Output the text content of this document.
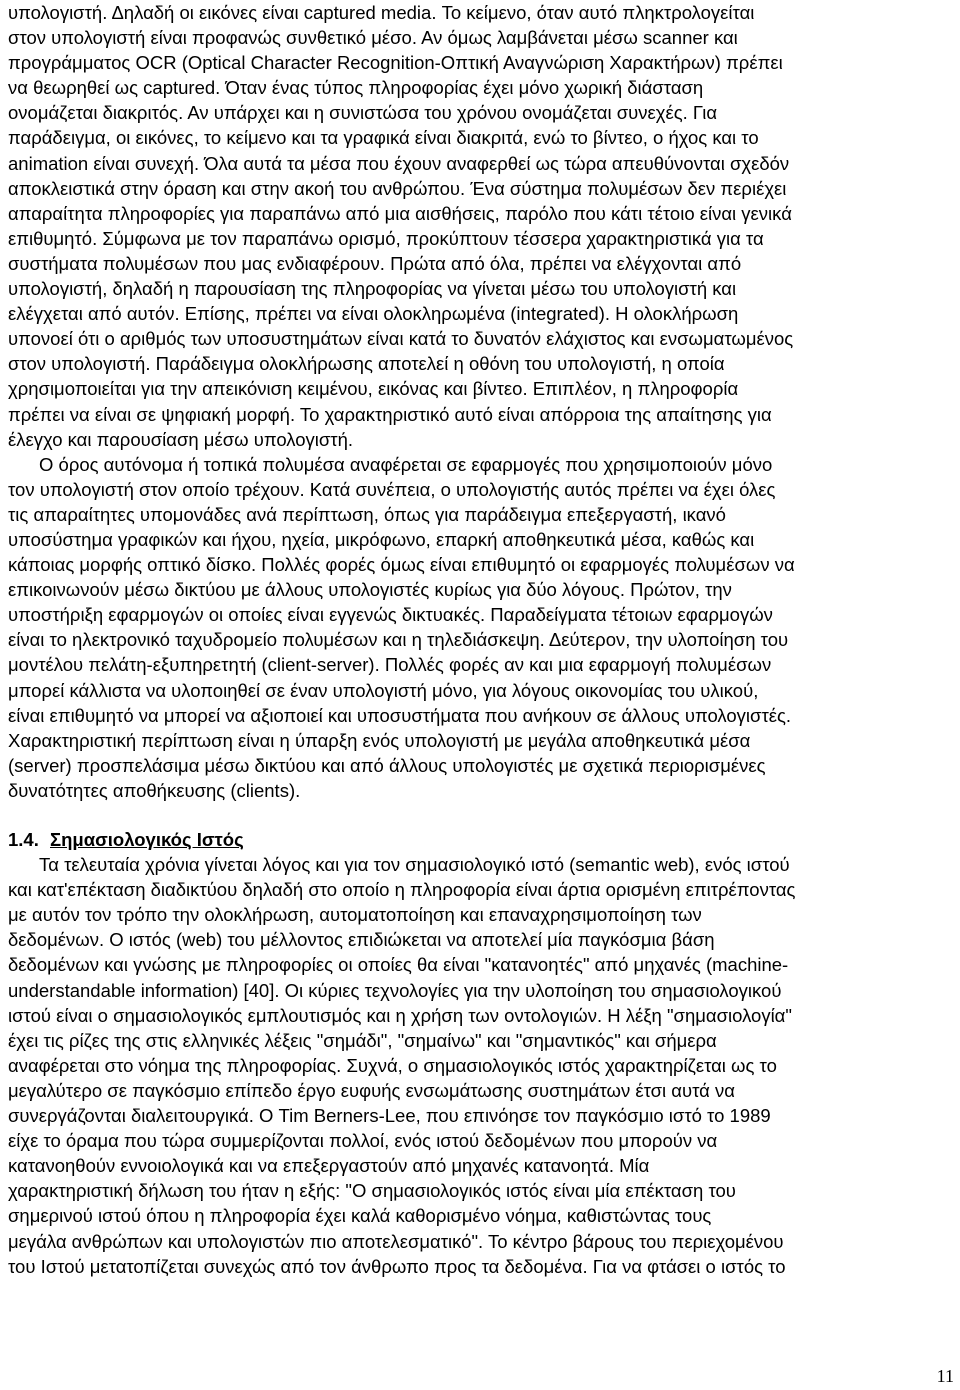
υπολογιστή. Δηλαδή οι εικόνες είναι captured media. Το κείμενο, όταν αυτό πληκτρολογείται
στον υπολογιστή είναι προφανώς συνθετικό μέσο. Αν όμως λαμβάνεται μέσω scanner και
προγράμματος OCR (Optical Character Recognition-Οπτική Αναγνώριση Χαρακτήρων) πρέπει
να θεωρηθεί ως captured. Όταν ένας τύπος πληροφορίας έχει μόνο χωρική διάσταση
ονομάζεται διακριτός. Αν υπάρχει και η συνιστώσα του χρόνου ονομάζεται συνεχές. Για
παράδειγμα, οι εικόνες, το κείμενο και τα γραφικά είναι διακριτά, ενώ το βίντεο, ο ήχος και το
animation είναι συνεχή. Όλα αυτά τα μέσα που έχουν αναφερθεί ως τώρα απευθύνονται σχεδόν
αποκλειστικά στην όραση και στην ακοή του ανθρώπου. Ένα σύστημα πολυμέσων δεν περιέχει
απαραίτητα πληροφορίες για παραπάνω από μια αισθήσεις, παρόλο που κάτι τέτοιο είναι γενικά
επιθυμητό. Σύμφωνα με τον παραπάνω ορισμό, προκύπτουν τέσσερα χαρακτηριστικά για τα
συστήματα πολυμέσων που μας ενδιαφέρουν. Πρώτα από όλα, πρέπει να ελέγχονται από
υπολογιστή, δηλαδή η παρουσίαση της πληροφορίας να γίνεται μέσω του υπολογιστή και
ελέγχεται από αυτόν. Επίσης, πρέπει να είναι ολοκληρωμένα (integrated). Η ολοκλήρωση
υπονοεί ότι ο αριθμός των υποσυστημάτων είναι κατά το δυνατόν ελάχιστος και ενσωματωμένος
στον υπολογιστή. Παράδειγμα ολοκλήρωσης αποτελεί η οθόνη του υπολογιστή, η οποία
χρησιμοποιείται για την απεικόνιση κειμένου, εικόνας και βίντεο. Επιπλέον, η πληροφορία
πρέπει να είναι σε ψηφιακή μορφή. Το χαρακτηριστικό αυτό είναι απόρροια της απαίτησης για
έλεγχο και παρουσίαση μέσω υπολογιστή.
Ο όρος αυτόνομα ή τοπικά πολυμέσα αναφέρεται σε εφαρμογές που χρησιμοποιούν μόνο
τον υπολογιστή στον οποίο τρέχουν. Κατά συνέπεια, ο υπολογιστής αυτός πρέπει να έχει όλες
τις απαραίτητες υπομονάδες ανά περίπτωση, όπως για παράδειγμα επεξεργαστή, ικανό
υποσύστημα γραφικών και ήχου, ηχεία, μικρόφωνο, επαρκή αποθηκευτικά μέσα, καθώς και
κάποιας μορφής οπτικό δίσκο. Πολλές φορές όμως είναι επιθυμητό οι εφαρμογές πολυμέσων να
επικοινωνούν μέσω δικτύου με άλλους υπολογιστές κυρίως για δύο λόγους. Πρώτον, την
υποστήριξη εφαρμογών οι οποίες είναι εγγενώς δικτυακές. Παραδείγματα τέτοιων εφαρμογών
είναι το ηλεκτρονικό ταχυδρομείο πολυμέσων και η τηλεδιάσκεψη. Δεύτερον, την υλοποίηση του
μοντέλου πελάτη-εξυπηρετητή (client-server). Πολλές φορές αν και μια εφαρμογή πολυμέσων
μπορεί κάλλιστα να υλοποιηθεί σε έναν υπολογιστή μόνο, για λόγους οικονομίας του υλικού,
είναι επιθυμητό να μπορεί να αξιοποιεί και υποσυστήματα που ανήκουν σε άλλους υπολογιστές.
Χαρακτηριστική περίπτωση είναι η ύπαρξη ενός υπολογιστή με μεγάλα αποθηκευτικά μέσα
(server) προσπελάσιμα μέσω δικτύου και από άλλους υπολογιστές με σχετικά περιορισμένες
δυνατότητες αποθήκευσης (clients).
1.4. Σημασιολογικός Ιστός
Τα τελευταία χρόνια γίνεται λόγος και για τον σημασιολογικό ιστό (semantic web), ενός ιστού
και κατ'επέκταση διαδικτύου δηλαδή στο οποίο η πληροφορία είναι άρτια ορισμένη επιτρέποντας
με αυτόν τον τρόπο την ολοκλήρωση, αυτοματοποίηση και επαναχρησιμοποίηση των
δεδομένων. Ο ιστός (web) του μέλλοντος επιδιώκεται να αποτελεί μία παγκόσμια βάση
δεδομένων και γνώσης με πληροφορίες οι οποίες θα είναι "κατανοητές" από μηχανές (machine-
understandable information) [40]. Οι κύριες τεχνολογίες για την υλοποίηση του σημασιολογικού
ιστού είναι ο σημασιολογικός εμπλουτισμός και η χρήση των οντολογιών. Η λέξη "σημασιολογία"
έχει τις ρίζες της στις ελληνικές λέξεις "σημάδι", "σημαίνω" και "σημαντικός" και σήμερα
αναφέρεται στο νόημα της πληροφορίας. Συχνά, ο σημασιολογικός ιστός χαρακτηρίζεται ως το
μεγαλύτερο σε παγκόσμιο επίπεδο έργο ευφυής ενσωμάτωσης συστημάτων έτσι αυτά να
συνεργάζονται διαλειτουργικά. Ο Tim Berners-Lee, που επινόησε τον παγκόσμιο ιστό το 1989
είχε το όραμα που τώρα συμμερίζονται πολλοί, ενός ιστού δεδομένων που μπορούν να
κατανοηθούν εννοιολογικά και να επεξεργαστούν από μηχανές κατανοητά. Μία
χαρακτηριστική δήλωση του ήταν η εξής: "Ο σημασιολογικός ιστός είναι μία επέκταση του
σημερινού ιστού όπου η πληροφορία έχει καλά καθορισμένο νόημα, καθιστώντας τους
μεγάλα ανθρώπων και υπολογιστών πιο αποτελεσματικό". Το κέντρο βάρους του περιεχομένου
του Ιστού μετατοπίζεται συνεχώς από τον άνθρωπο προς τα δεδομένα. Για να φτάσει ο ιστός το
11
